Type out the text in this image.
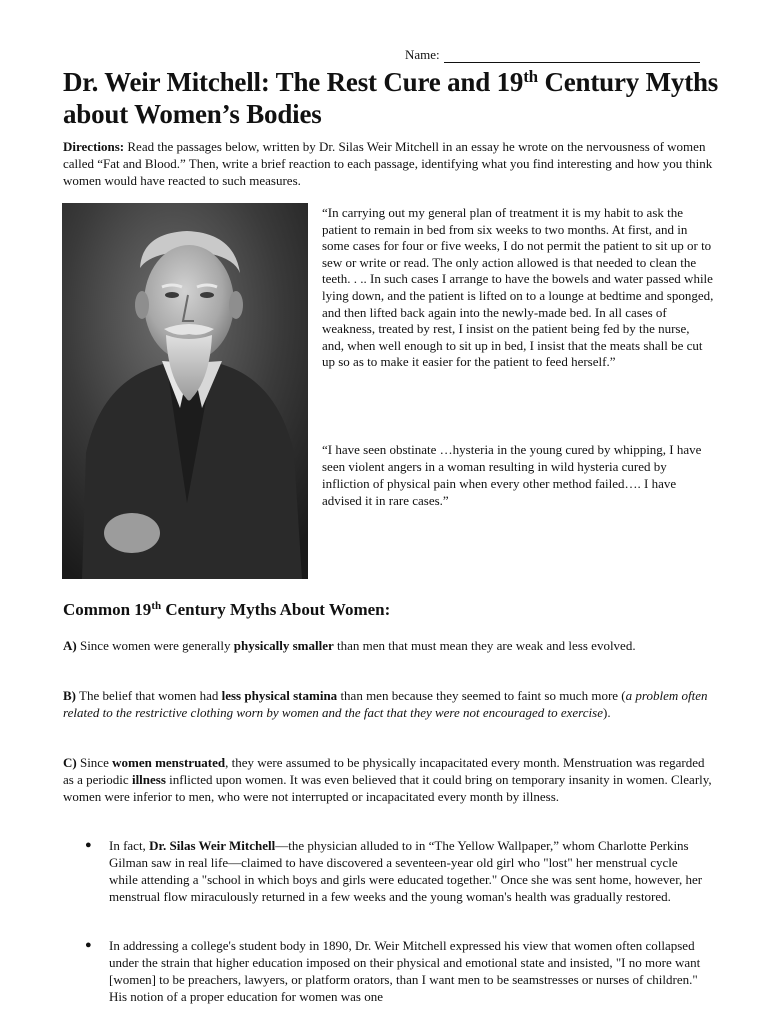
Name:
Dr. Weir Mitchell: The Rest Cure and 19th Century Myths about Women’s Bodies
Directions: Read the passages below, written by Dr. Silas Weir Mitchell in an essay he wrote on the nervousness of women called “Fat and Blood.” Then, write a brief reaction to each passage, identifying what you find interesting and how you think women would have reacted to such measures.
“In carrying out my general plan of treatment it is my habit to ask the patient to remain in bed from six weeks to two months. At first, and in some cases for four or five weeks, I do not permit the patient to sit up or to sew or write or read. The only action allowed is that needed to clean the teeth. . .. In such cases I arrange to have the bowels and water passed while lying down, and the patient is lifted on to a lounge at bedtime and sponged, and then lifted back again into the newly-made bed. In all cases of weakness, treated by rest, I insist on the patient being fed by the nurse, and, when well enough to sit up in bed, I insist that the meats shall be cut up so as to make it easier for the patient to feed herself.”
“I have seen obstinate …hysteria in the young cured by whipping, I have seen violent angers in a woman resulting in wild hysteria cured by infliction of physical pain when every other method failed…. I have advised it in rare cases.”
Common 19th Century Myths About Women:

A) Since women were generally physically smaller than men that must mean they are weak and less evolved.

B) The belief that women had less physical stamina than men because they seemed to faint so much more (a problem often related to the restrictive clothing worn by women and the fact that they were not encouraged to exercise).

C) Since women menstruated, they were assumed to be physically incapacitated every month. Menstruation was regarded as a periodic illness inflicted upon women. It was even believed that it could bring on temporary insanity in women. Clearly, women were inferior to men, who were not interrupted or incapacitated every month by illness.

●	In fact, Dr. Silas Weir Mitchell—the physician alluded to in “The Yellow Wallpaper,” whom Charlotte Perkins Gilman saw in real life—claimed to have discovered a seventeen-year old girl who "lost" her menstrual cycle while attending a "school in which boys and girls were educated together." Once she was sent home, however, her menstrual flow miraculously returned in a few weeks and the young woman's health was gradually restored.
●	In addressing a college's student body in 1890, Dr. Weir Mitchell expressed his view that women often collapsed under the strain that higher education imposed on their physical and emotional state and insisted, "I no more want [women] to be preachers, lawyers, or platform orators, than I want men to be seamstresses or nurses of children." His notion of a proper education for women was one
